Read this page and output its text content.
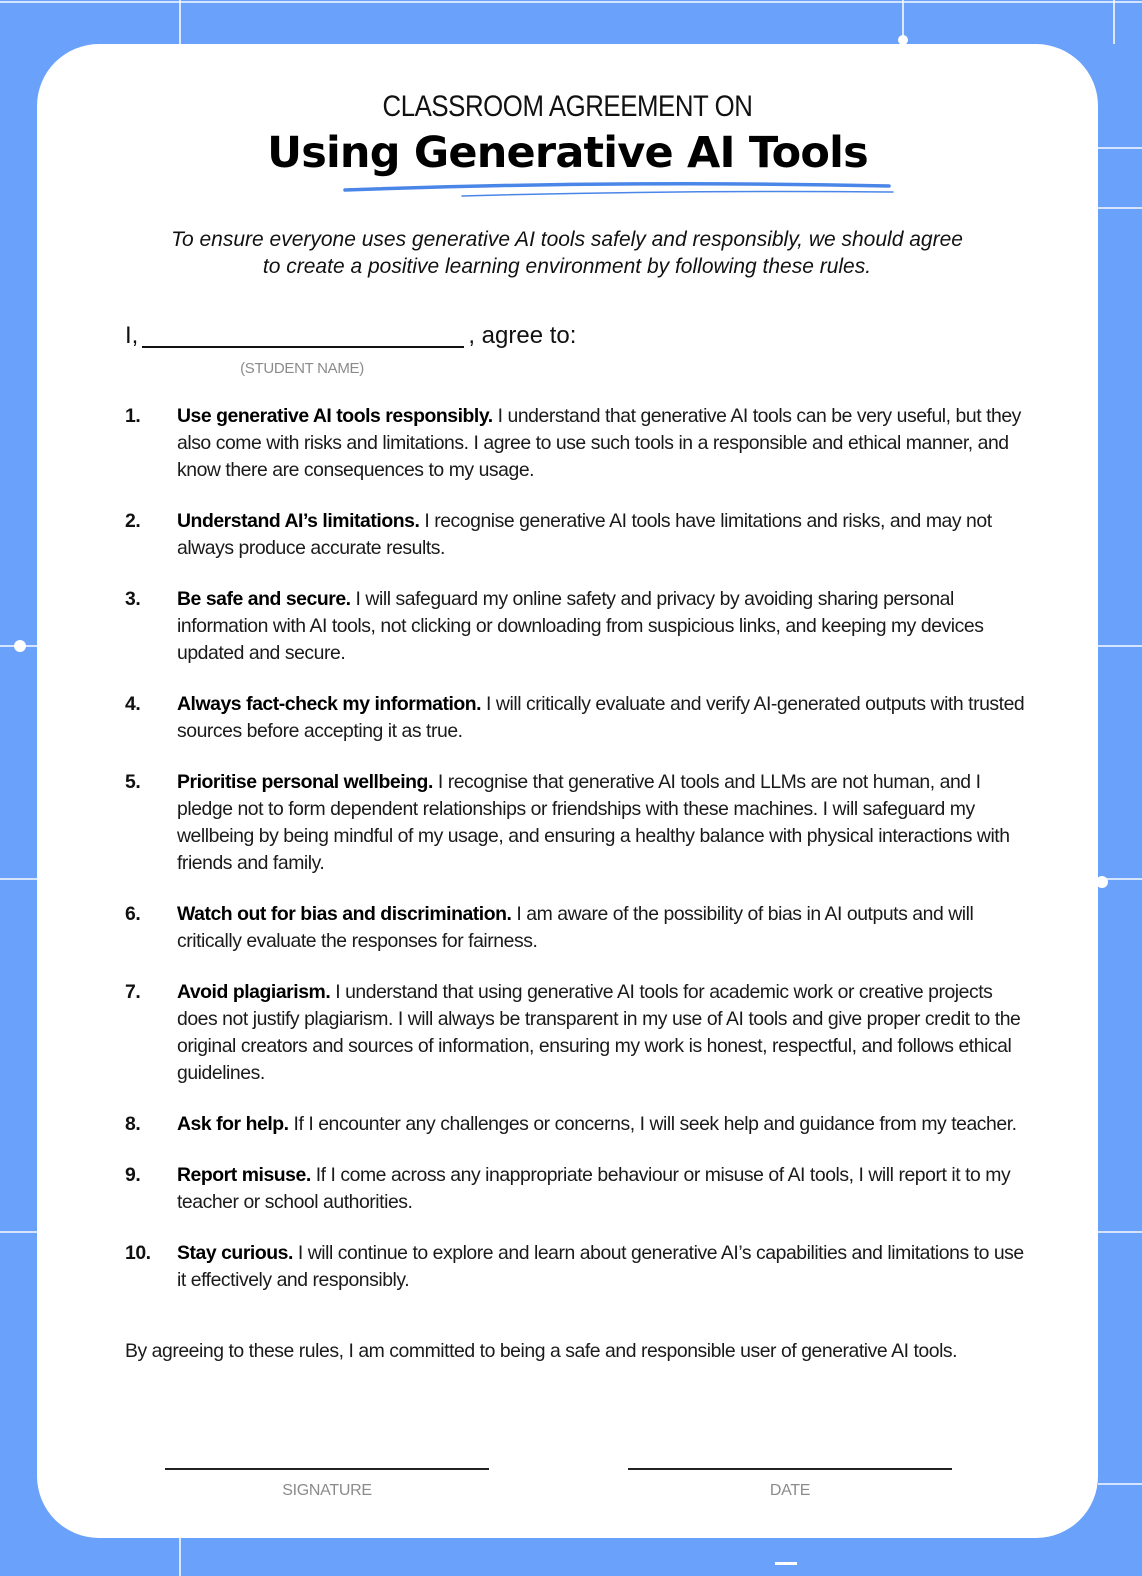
CLASSROOM AGREEMENT ON
Using Generative AI Tools
To ensure everyone uses generative AI tools safely and responsibly, we should agree to create a positive learning environment by following these rules.
I,	, agree to:
(STUDENT NAME)
1. Use generative AI tools responsibly. I understand that generative AI tools can be very useful, but they also come with risks and limitations. I agree to use such tools in a responsible and ethical manner, and know there are consequences to my usage.
2. Understand AI’s limitations. I recognise generative AI tools have limitations and risks, and may not always produce accurate results.
3. Be safe and secure. I will safeguard my online safety and privacy by avoiding sharing personal information with AI tools, not clicking or downloading from suspicious links, and keeping my devices updated and secure.
4. Always fact-check my information. I will critically evaluate and verify AI-generated outputs with trusted sources before accepting it as true.
5. Prioritise personal wellbeing. I recognise that generative AI tools and LLMs are not human, and I pledge not to form dependent relationships or friendships with these machines. I will safeguard my wellbeing by being mindful of my usage, and ensuring a healthy balance with physical interactions with friends and family.
6. Watch out for bias and discrimination. I am aware of the possibility of bias in AI outputs and will critically evaluate the responses for fairness.
7. Avoid plagiarism. I understand that using generative AI tools for academic work or creative projects does not justify plagiarism. I will always be transparent in my use of AI tools and give proper credit to the original creators and sources of information, ensuring my work is honest, respectful, and follows ethical guidelines.
8. Ask for help. If I encounter any challenges or concerns, I will seek help and guidance from my teacher.
9. Report misuse. If I come across any inappropriate behaviour or misuse of AI tools, I will report it to my teacher or school authorities.
10. Stay curious. I will continue to explore and learn about generative AI’s capabilities and limitations to use it effectively and responsibly.
By agreeing to these rules, I am committed to being a safe and responsible user of generative AI tools.
SIGNATURE	DATE
